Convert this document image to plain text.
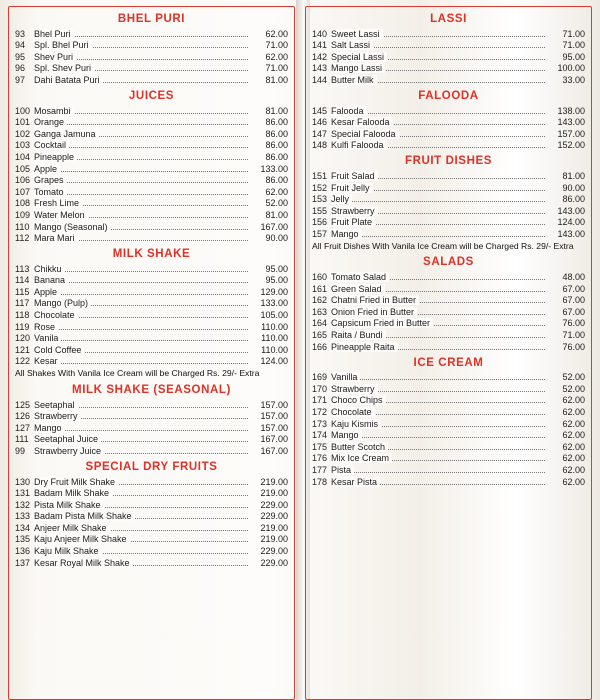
BHEL PURI
93	Bhel Puri	62.00
94	Spl. Bhel Puri	71.00
95	Shev Puri	62.00
96	Spl. Shev Puri	71.00
97	Dahi Batata Puri	81.00
JUICES
100	Mosambi	81.00
101	Orange	86.00
102	Ganga Jamuna	86.00
103	Cocktail	86.00
104	Pineapple	86.00
105	Apple	133.00
106	Grapes	86.00
107	Tomato	62.00
108	Fresh Lime	52.00
109	Water Melon	81.00
110	Mango (Seasonal)	167.00
112	Mara Mari	90.00
MILK SHAKE
113	Chikku	95.00
114	Banana	95.00
115	Apple	129.00
117	Mango (Pulp)	133.00
118	Chocolate	105.00
119	Rose	110.00
120	Vanila	110.00
121	Cold Coffee	110.00
122	Kesar	124.00
All Shakes With Vanila Ice Cream will be Charged Rs. 29/- Extra
MILK SHAKE (SEASONAL)
125	Seetaphal	157.00
126	Strawberry	157.00
127	Mango	157.00
111	Seetaphal Juice	167.00
99	Strawberry Juice	167.00
SPECIAL DRY FRUITS
130	Dry Fruit Milk Shake	219.00
131	Badam Milk Shake	219.00
132	Pista Milk Shake	229.00
133	Badam Pista Milk Shake	229.00
134	Anjeer Milk Shake	219.00
135	Kaju Anjeer Milk Shake	219.00
136	Kaju Milk Shake	229.00
137	Kesar Royal Milk Shake	229.00
LASSI
140	Sweet Lassi	71.00
141	Salt Lassi	71.00
142	Special Lassi	95.00
143	Mango Lassi	100.00
144	Butter Milk	33.00
FALOODA
145	Falooda	138.00
146	Kesar Falooda	143.00
147	Special Falooda	157.00
148	Kulfi Falooda	152.00
FRUIT DISHES
151	Fruit Salad	81.00
152	Fruit Jelly	90.00
153	Jelly	86.00
155	Strawberry	143.00
156	Fruit Plate	124.00
157	Mango	143.00
All Fruit Dishes With Vanila Ice Cream will be Charged Rs. 29/- Extra
SALADS
160	Tomato Salad	48.00
161	Green Salad	67.00
162	Chatni Fried in Butter	67.00
163	Onion Fried in Butter	67.00
164	Capsicum Fried in Butter	76.00
165	Raita / Bundi	71.00
166	Pineapple Raita	76.00
ICE CREAM
169	Vanilla	52.00
170	Strawberry	52.00
171	Choco Chips	62.00
172	Chocolate	62.00
173	Kaju Kismis	62.00
174	Mango	62.00
175	Butter Scotch	62.00
176	Mix Ice Cream	62.00
177	Pista	62.00
178	Kesar Pista	62.00
